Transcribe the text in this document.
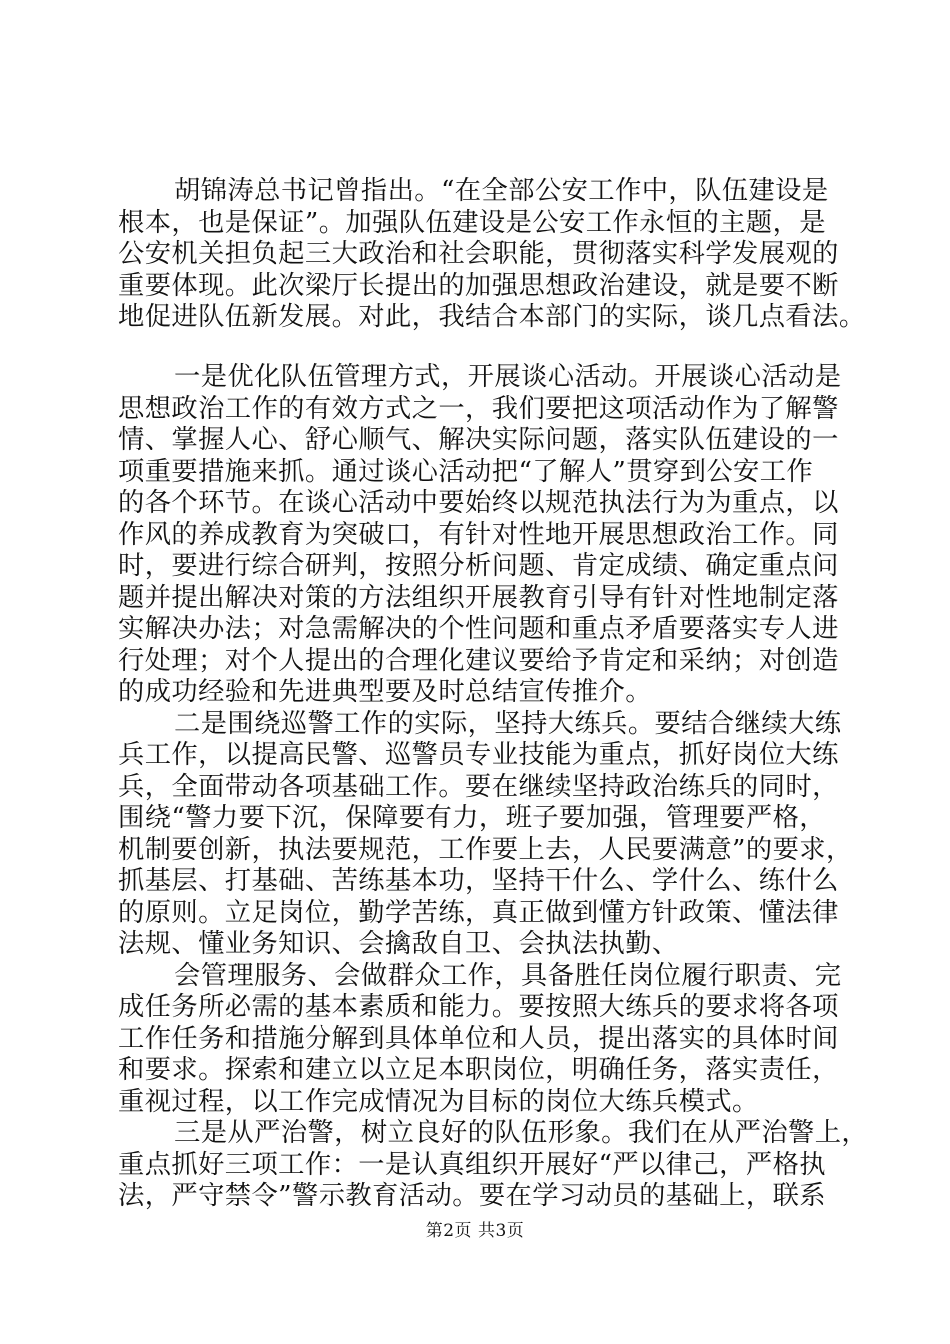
胡锦涛总书记曾指出。“在全部公安工作中，队伍建设是
根本，也是保证”。加强队伍建设是公安工作永恒的主题，是
公安机关担负起三大政治和社会职能，贯彻落实科学发展观的
重要体现。此次梁厅长提出的加强思想政治建设，就是要不断
地促进队伍新发展。对此，我结合本部门的实际，谈几点看法。
一是优化队伍管理方式，开展谈心活动。开展谈心活动是
思想政治工作的有效方式之一，我们要把这项活动作为了解警
情、掌握人心、舒心顺气、解决实际问题，落实队伍建设的一
项重要措施来抓。通过谈心活动把“了解人”贯穿到公安工作
的各个环节。在谈心活动中要始终以规范执法行为为重点，以
作风的养成教育为突破口，有针对性地开展思想政治工作。同
时，要进行综合研判，按照分析问题、肯定成绩、确定重点问
题并提出解决对策的方法组织开展教育引导有针对性地制定落
实解决办法；对急需解决的个性问题和重点矛盾要落实专人进
行处理；对个人提出的合理化建议要给予肯定和采纳；对创造
的成功经验和先进典型要及时总结宣传推介。
二是围绕巡警工作的实际，坚持大练兵。要结合继续大练
兵工作，以提高民警、巡警员专业技能为重点，抓好岗位大练
兵，全面带动各项基础工作。要在继续坚持政治练兵的同时，
围绕“警力要下沉，保障要有力，班子要加强，管理要严格，
机制要创新，执法要规范，工作要上去，人民要满意”的要求，
抓基层、打基础、苦练基本功，坚持干什么、学什么、练什么
的原则。立足岗位，勤学苦练，真正做到懂方针政策、懂法律
法规、懂业务知识、会擒敌自卫、会执法执勤、
会管理服务、会做群众工作，具备胜任岗位履行职责、完
成任务所必需的基本素质和能力。要按照大练兵的要求将各项
工作任务和措施分解到具体单位和人员，提出落实的具体时间
和要求。探索和建立以立足本职岗位，明确任务，落实责任，
重视过程，以工作完成情况为目标的岗位大练兵模式。
三是从严治警，树立良好的队伍形象。我们在从严治警上，
重点抓好三项工作：一是认真组织开展好“严以律己，严格执
法，严守禁令”警示教育活动。要在学习动员的基础上，联系
第2页 共3页
